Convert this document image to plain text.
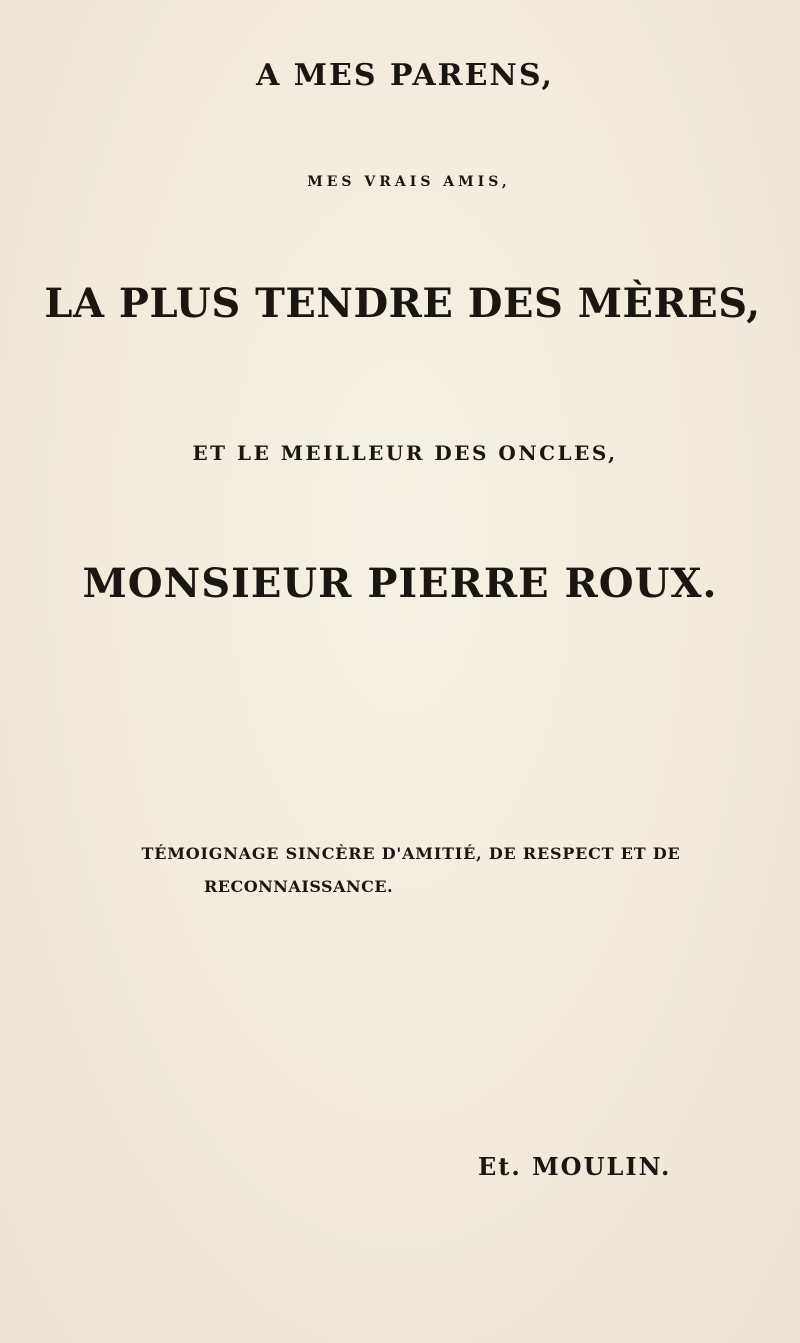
A MES PARENS,
MES VRAIS AMIS,
LA PLUS TENDRE DES MÈRES,
ET LE MEILLEUR DES ONCLES,
MONSIEUR PIERRE ROUX.
TÉMOIGNAGE SINCÈRE D'AMITIÉ, DE RESPECT ET DE
RECONNAISSANCE.
Et. MOULIN.
